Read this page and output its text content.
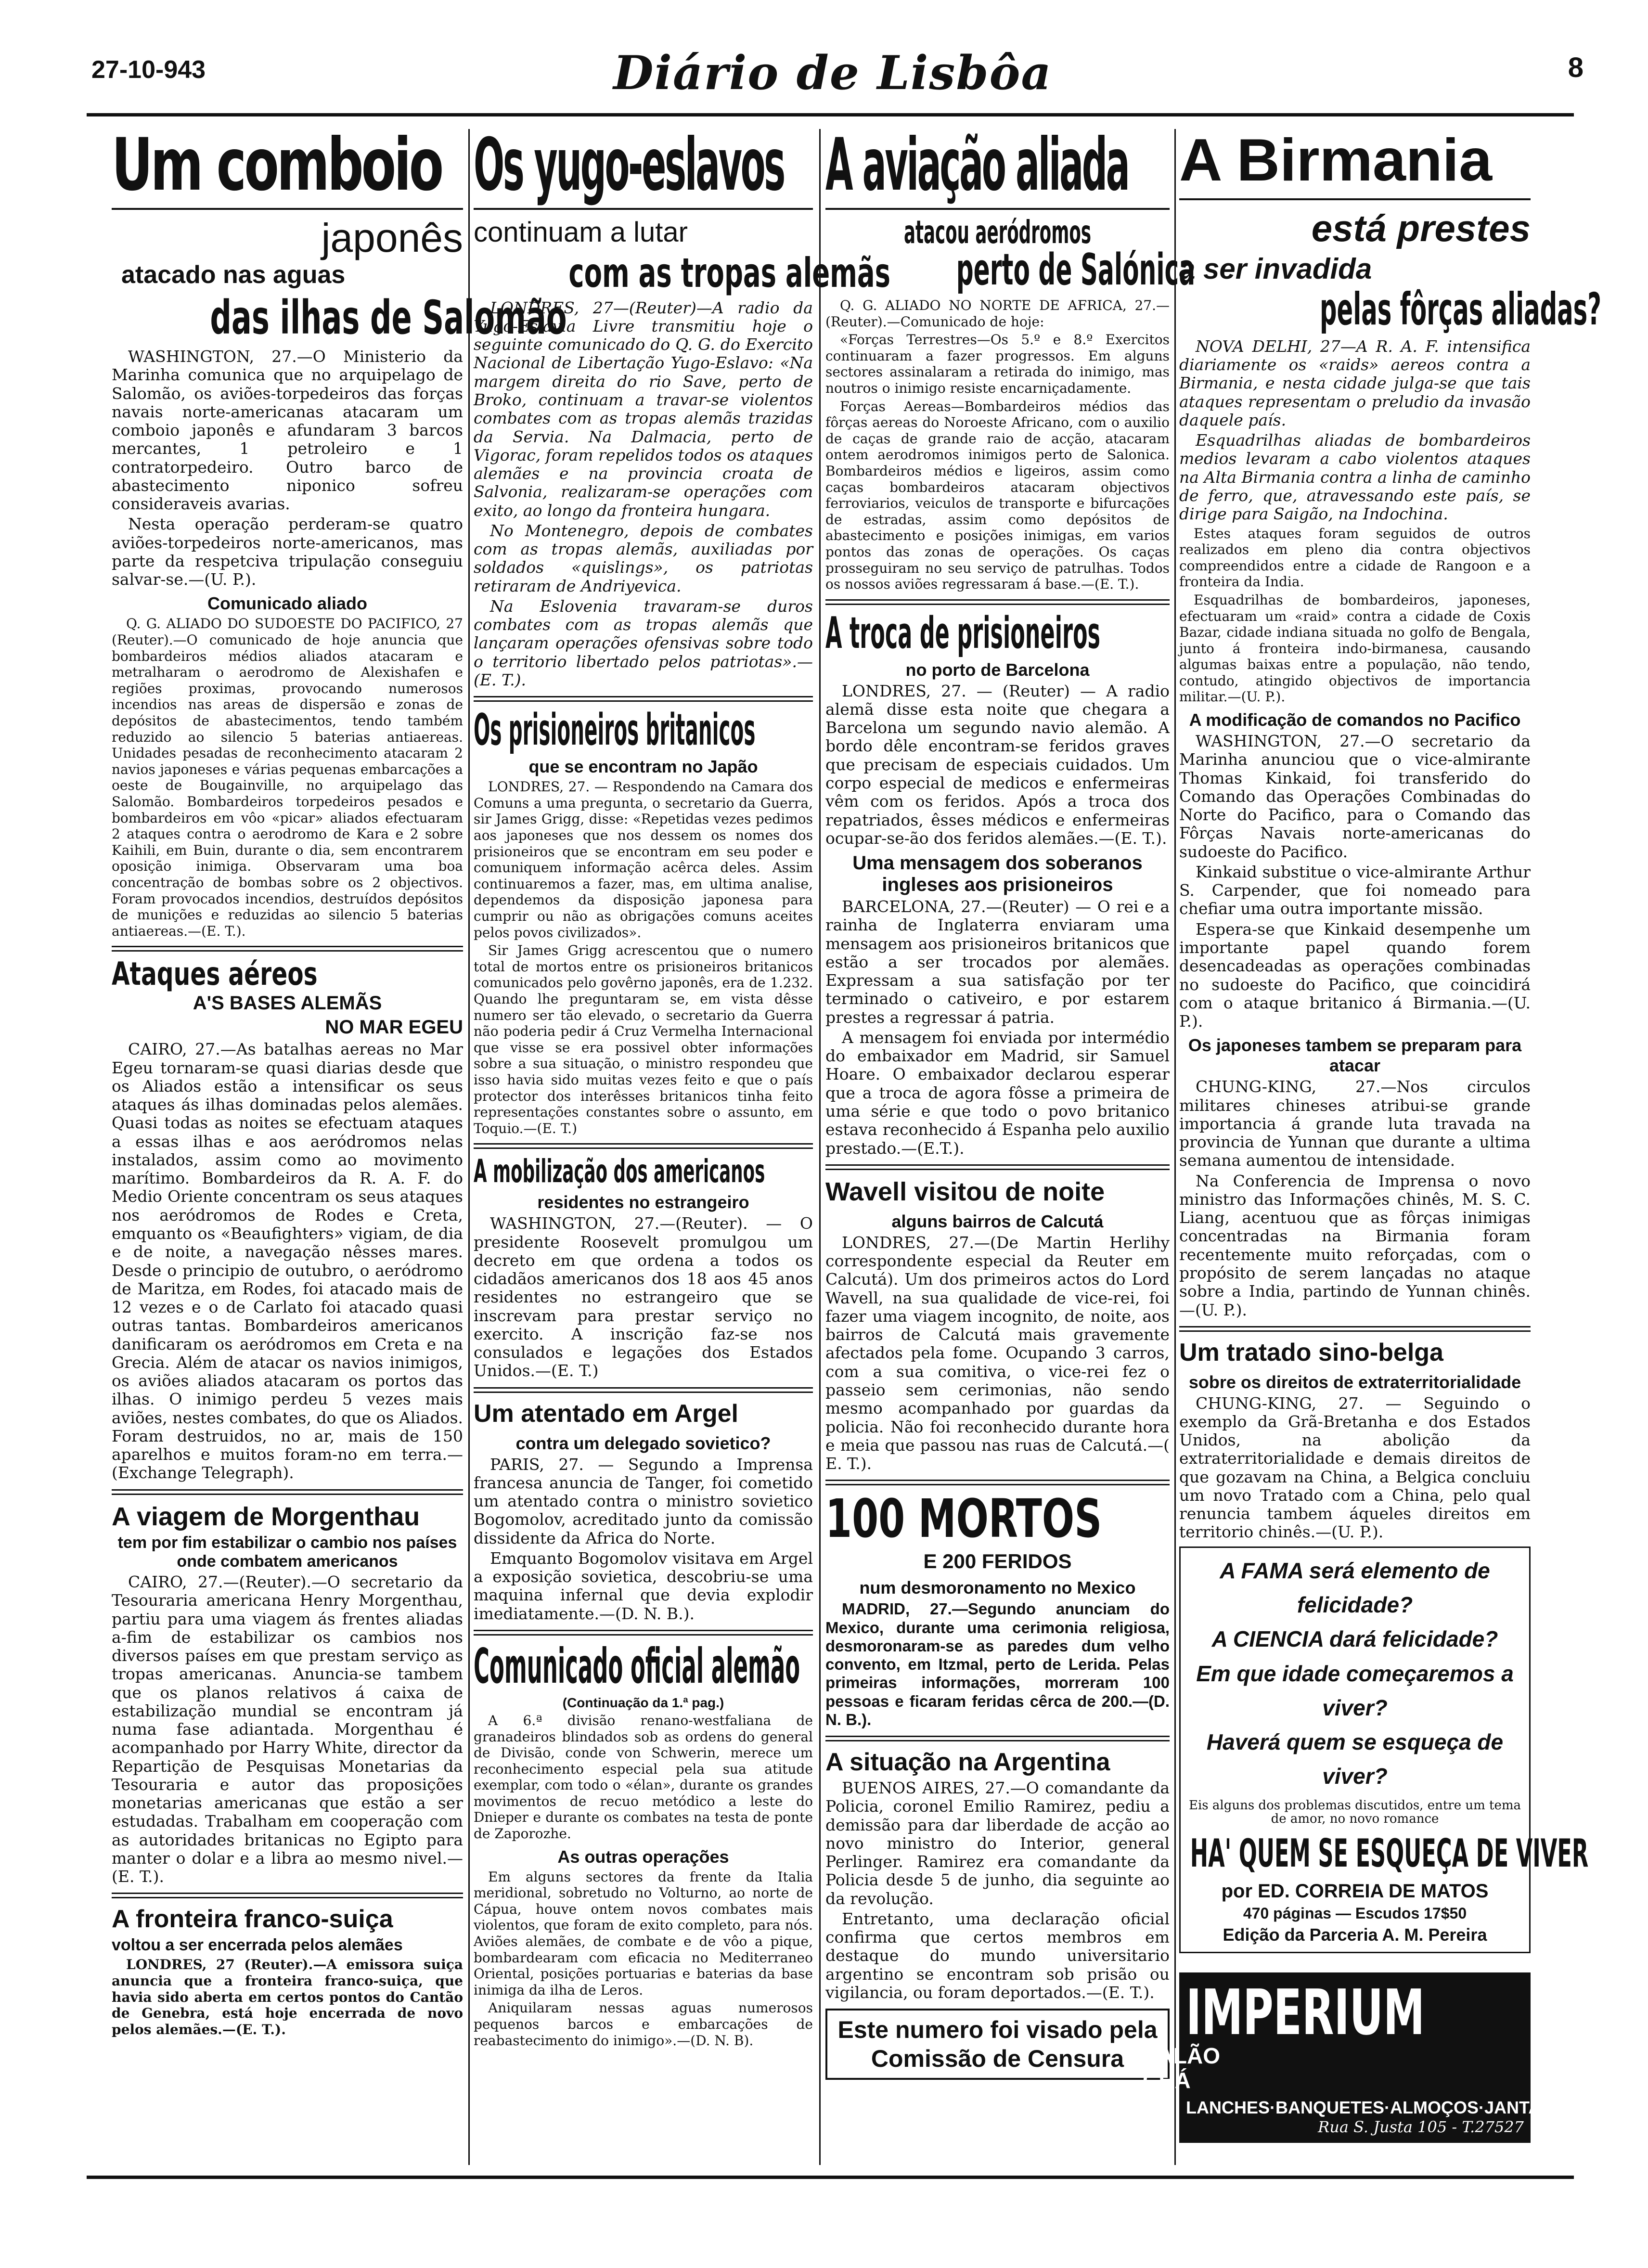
27-10-943	Diário de Lisbôa	8
Um comboio
japonês
atacado nas aguas
das ilhas de Salomão

WASHINGTON, 27.—O Ministerio da Marinha comunica que no arquipelago de Salomão, os aviões-torpedeiros das forças navais norte-americanas atacaram um comboio japonês e afundaram 3 barcos mercantes, 1 petroleiro e 1 contratorpedeiro. Outro barco de abastecimento niponico sofreu consideraveis avarias.

Nesta operação perderam-se quatro aviões-torpedeiros norte-americanos, mas parte da respetciva tripulação conseguiu salvar-se.—(U. P.).

Comunicado aliado

Q. G. ALIADO DO SUDOESTE DO PACIFICO, 27 (Reuter).—O comunicado de hoje anuncia que bombardeiros médios aliados atacaram e metralharam o aerodromo de Alexishafen e regiões proximas, provocando numerosos incendios nas areas de dispersão e zonas de depósitos de abastecimentos, tendo também reduzido ao silencio 5 baterias antiaereas. Unidades pesadas de reconhecimento atacaram 2 navios japoneses e várias pequenas embarcações a oeste de Bougainville, no arquipelago das Salomão. Bombardeiros torpedeiros pesados e bombardeiros em vôo «picar» aliados efectuaram 2 ataques contra o aerodromo de Kara e 2 sobre Kaihili, em Buin, durante o dia, sem encontrarem oposição inimiga. Observaram uma boa concentração de bombas sobre os 2 objectivos. Foram provocados incendios, destruídos depósitos de munições e reduzidas ao silencio 5 baterias antiaereas.—(E. T.).

Ataques aéreos
A'S BASES ALEMÃS
NO MAR EGEU

CAIRO, 27.—As batalhas aereas no Mar Egeu tornaram-se quasi diarias desde que os Aliados estão a intensificar os seus ataques ás ilhas dominadas pelos alemães. Quasi todas as noites se efectuam ataques a essas ilhas e aos aeródromos nelas instalados, assim como ao movimento marítimo. Bombardeiros da R. A. F. do Medio Oriente concentram os seus ataques nos aeródromos de Rodes e Creta, emquanto os «Beaufighters» vigiam, de dia e de noite, a navegação nêsses mares. Desde o principio de outubro, o aeródromo de Maritza, em Rodes, foi atacado mais de 12 vezes e o de Carlato foi atacado quasi outras tantas. Bombardeiros americanos danificaram os aeródromos em Creta e na Grecia. Além de atacar os navios inimigos, os aviões aliados atacaram os portos das ilhas. O inimigo perdeu 5 vezes mais aviões, nestes combates, do que os Aliados. Foram destruidos, no ar, mais de 150 aparelhos e muitos foram-no em terra.—(Exchange Telegraph).

A viagem de Morgenthau
tem por fim estabilizar o cambio nos países onde combatem americanos

CAIRO, 27.—(Reuter).—O secretario da Tesouraria americana Henry Morgenthau, partiu para uma viagem ás frentes aliadas a-fim de estabilizar os cambios nos diversos países em que prestam serviço as tropas americanas. Anuncia-se tambem que os planos relativos á caixa de estabilização mundial se encontram já numa fase adiantada. Morgenthau é acompanhado por Harry White, director da Repartição de Pesquisas Monetarias da Tesouraria e autor das proposições monetarias americanas que estão a ser estudadas. Trabalham em cooperação com as autoridades britanicas no Egipto para manter o dolar e a libra ao mesmo nivel.—(E. T.).

A fronteira franco-suiça
voltou a ser encerrada pelos alemães

LONDRES, 27 (Reuter).—A emissora suiça anuncia que a fronteira franco-suiça, que havia sido aberta em certos pontos do Cantão de Genebra, está hoje encerrada de novo pelos alemães.—(E. T.).

Os yugo-eslavos
continuam a lutar
com as tropas alemãs

LONDRES, 27—(Reuter)—A radio da Yugo-Eslavia Livre transmitiu hoje o seguinte comunicado do Q. G. do Exercito Nacional de Libertação Yugo-Eslavo: «Na margem direita do rio Save, perto de Broko, continuam a travar-se violentos combates com as tropas alemãs trazidas da Servia. Na Dalmacia, perto de Vigorac, foram repelidos todos os ataques alemães e na provincia croata de Salvonia, realizaram-se operações com exito, ao longo da fronteira hungara.

No Montenegro, depois de combates com as tropas alemãs, auxiliadas por soldados «quislings», os patriotas retiraram de Andriyevica.

Na Eslovenia travaram-se duros combates com as tropas alemãs que lançaram operações ofensivas sobre todo o territorio libertado pelos patriotas».—(E. T.).

Os prisioneiros britanicos
que se encontram no Japão

LONDRES, 27. — Respondendo na Camara dos Comuns a uma pregunta, o secretario da Guerra, sir James Grigg, disse: «Repetidas vezes pedimos aos japoneses que nos dessem os nomes dos prisioneiros que se encontram em seu poder e comuniquem informação acêrca deles. Assim continuaremos a fazer, mas, em ultima analise, dependemos da disposição japonesa para cumprir ou não as obrigações comuns aceites pelos povos civilizados».

Sir James Grigg acrescentou que o numero total de mortos entre os prisioneiros britanicos comunicados pelo govêrno japonês, era de 1.232. Quando lhe preguntaram se, em vista dêsse numero ser tão elevado, o secretario da Guerra não poderia pedir á Cruz Vermelha Internacional que visse se era possivel obter informações sobre a sua situação, o ministro respondeu que isso havia sido muitas vezes feito e que o país protector dos interêsses britanicos tinha feito representações constantes sobre o assunto, em Toquio.—(E. T.)

A mobilização dos americanos
residentes no estrangeiro

WASHINGTON, 27.—(Reuter). — O presidente Roosevelt promulgou um decreto em que ordena a todos os cidadãos americanos dos 18 aos 45 anos residentes no estrangeiro que se inscrevam para prestar serviço no exercito. A inscrição faz-se nos consulados e legações dos Estados Unidos.—(E. T.)

Um atentado em Argel
contra um delegado sovietico?

PARIS, 27. — Segundo a Imprensa francesa anuncia de Tanger, foi cometido um atentado contra o ministro sovietico Bogomolov, acreditado junto da comissão dissidente da Africa do Norte.

Emquanto Bogomolov visitava em Argel a exposição sovietica, descobriu-se uma maquina infernal que devia explodir imediatamente.—(D. N. B.).

Comunicado oficial alemão
(Continuação da 1.ª pag.)

A 6.ª divisão renano-westfaliana de granadeiros blindados sob as ordens do general de Divisão, conde von Schwerin, merece um reconhecimento especial pela sua atitude exemplar, com todo o «élan», durante os grandes movimentos de recuo metódico a leste do Dnieper e durante os combates na testa de ponte de Zaporozhe.

As outras operações

Em alguns sectores da frente da Italia meridional, sobretudo no Volturno, ao norte de Cápua, houve ontem novos combates mais violentos, que foram de exito completo, para nós. Aviões alemães, de combate e de vôo a pique, bombardearam com eficacia no Mediterraneo Oriental, posições portuarias e baterias da base inimiga da ilha de Leros.

Aniquilaram nessas aguas numerosos pequenos barcos e embarcações de reabastecimento do inimigo».—(D. N. B).

A aviação aliada
atacou aeródromos
perto de Salónica

Q. G. ALIADO NO NORTE DE AFRICA, 27.—(Reuter).—Comunicado de hoje:

«Forças Terrestres—Os 5.º e 8.º Exercitos continuaram a fazer progressos. Em alguns sectores assinalaram a retirada do inimigo, mas noutros o inimigo resiste encarniçadamente.

Forças Aereas—Bombardeiros médios das fôrças aereas do Noroeste Africano, com o auxilio de caças de grande raio de acção, atacaram ontem aerodromos inimigos perto de Salonica. Bombardeiros médios e ligeiros, assim como caças bombardeiros atacaram objectivos ferroviarios, veiculos de transporte e bifurcações de estradas, assim como depósitos de abastecimento e posições inimigas, em varios pontos das zonas de operações. Os caças prosseguiram no seu serviço de patrulhas. Todos os nossos aviões regressaram á base.—(E. T.).

A troca de prisioneiros
no porto de Barcelona

LONDRES, 27. — (Reuter) — A radio alemã disse esta noite que chegara a Barcelona um segundo navio alemão. A bordo dêle encontram-se feridos graves que precisam de especiais cuidados. Um corpo especial de medicos e enfermeiras vêm com os feridos. Após a troca dos repatriados, êsses médicos e enfermeiras ocupar-se-ão dos feridos alemães.—(E. T.).

Uma mensagem dos soberanos ingleses aos prisioneiros

BARCELONA, 27.—(Reuter) — O rei e a rainha de Inglaterra enviaram uma mensagem aos prisioneiros britanicos que estão a ser trocados por alemães. Expressam a sua satisfação por ter terminado o cativeiro, e por estarem prestes a regressar á patria.

A mensagem foi enviada por intermédio do embaixador em Madrid, sir Samuel Hoare. O embaixador declarou esperar que a troca de agora fôsse a primeira de uma série e que todo o povo britanico estava reconhecido á Espanha pelo auxilio prestado.—(E.T.).

Wavell visitou de noite
alguns bairros de Calcutá

LONDRES, 27.—(De Martin Herlihy correspondente especial da Reuter em Calcutá). Um dos primeiros actos do Lord Wavell, na sua qualidade de vice-rei, foi fazer uma viagem incognito, de noite, aos bairros de Calcutá mais gravemente afectados pela fome. Ocupando 3 carros, com a sua comitiva, o vice-rei fez o passeio sem cerimonias, não sendo mesmo acompanhado por guardas da policia. Não foi reconhecido durante hora e meia que passou nas ruas de Calcutá.—( E. T.).

100 MORTOS
E 200 FERIDOS
num desmoronamento no Mexico

MADRID, 27.—Segundo anunciam do Mexico, durante uma cerimonia religiosa, desmoronaram-se as paredes dum velho convento, em Itzmal, perto de Lerida. Pelas primeiras informações, morreram 100 pessoas e ficaram feridas cêrca de 200.—(D. N. B.).

A situação na Argentina

BUENOS AIRES, 27.—O comandante da Policia, coronel Emilio Ramirez, pediu a demissão para dar liberdade de acção ao novo ministro do Interior, general Perlinger. Ramirez era comandante da Policia desde 5 de junho, dia seguinte ao da revolução.

Entretanto, uma declaração oficial confirma que certos membros em destaque do mundo universitario argentino se encontram sob prisão ou vigilancia, ou foram deportados.—(E. T.).

Este numero foi visado pela Comissão de Censura
A Birmania
está prestes
a ser invadida
pelas fôrças aliadas?

NOVA DELHI, 27—A R. A. F. intensifica diariamente os «raids» aereos contra a Birmania, e nesta cidade julga-se que tais ataques representam o preludio da invasão daquele país.

Esquadrilhas aliadas de bombardeiros medios levaram a cabo violentos ataques na Alta Birmania contra a linha de caminho de ferro, que, atravessando este país, se dirige para Saigão, na Indochina.

Estes ataques foram seguidos de outros realizados em pleno dia contra objectivos compreendidos entre a cidade de Rangoon e a fronteira da India.

Esquadrilhas de bombardeiros, japoneses, efectuaram um «raid» contra a cidade de Coxis Bazar, cidade indiana situada no golfo de Bengala, junto á fronteira indo-birmanesa, causando algumas baixas entre a população, não tendo, contudo, atingido objectivos de importancia militar.—(U. P.).

A modificação de comandos no Pacifico

WASHINGTON, 27.—O secretario da Marinha anunciou que o vice-almirante Thomas Kinkaid, foi transferido do Comando das Operações Combinadas do Norte do Pacifico, para o Comando das Fôrças Navais norte-americanas do sudoeste do Pacifico.

Kinkaid substitue o vice-almirante Arthur S. Carpender, que foi nomeado para chefiar uma outra importante missão.

Espera-se que Kinkaid desempenhe um importante papel quando forem desencadeadas as operações combinadas no sudoeste do Pacifico, que coincidirá com o ataque britanico á Birmania.—(U. P.).

Os japoneses tambem se preparam para atacar

CHUNG-KING, 27.—Nos circulos militares chineses atribui-se grande importancia á grande luta travada na provincia de Yunnan que durante a ultima semana aumentou de intensidade.

Na Conferencia de Imprensa o novo ministro das Informações chinês, M. S. C. Liang, acentuou que as fôrças inimigas concentradas na Birmania foram recentemente muito reforçadas, com o propósito de serem lançadas no ataque sobre a India, partindo de Yunnan chinês.—(U. P.).

Um tratado sino-belga
sobre os direitos de extraterritorialidade

CHUNG-KING, 27. — Seguindo o exemplo da Grã-Bretanha e dos Estados Unidos, na abolição da extraterritorialidade e demais direitos de que gozavam na China, a Belgica concluiu um novo Tratado com a China, pelo qual renuncia tambem áqueles direitos em territorio chinês.—(U. P.).

A FAMA será elemento de felicidade?
A CIENCIA dará felicidade?
Em que idade começaremos a viver?
Haverá quem se esqueça de viver?
Eis alguns dos problemas discutidos, entre um tema de amor, no novo romance
HA' QUEM SE ESQUEÇA DE VIVER
por ED. CORREIA DE MATOS
470 páginas — Escudos 17$50
Edição da Parceria A. M. Pereira
IMPERIUM SALÃO
CHÁ
LANCHES·BANQUETES·ALMOÇOS·JANTARES
Rua S. Justa 105 - T.27527
